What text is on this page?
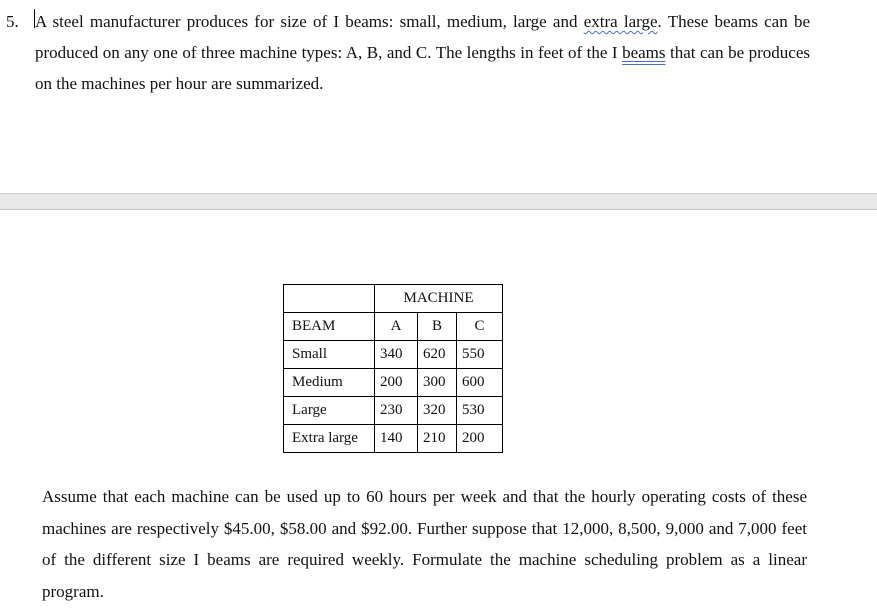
5. A steel manufacturer produces for size of I beams: small, medium, large and extra large. These beams can be produced on any one of three machine types: A, B, and C. The lengths in feet of the I beams that can be produces on the machines per hour are summarized.
	MACHINE		
BEAM	A	B	C
Small	340	620	550
Medium	200	300	600
Large	230	320	530
Extra large	140	210	200
Assume that each machine can be used up to 60 hours per week and that the hourly operating costs of these machines are respectively $45.00, $58.00 and $92.00. Further suppose that 12,000, 8,500, 9,000 and 7,000 feet of the different size I beams are required weekly. Formulate the machine scheduling problem as a linear program.
